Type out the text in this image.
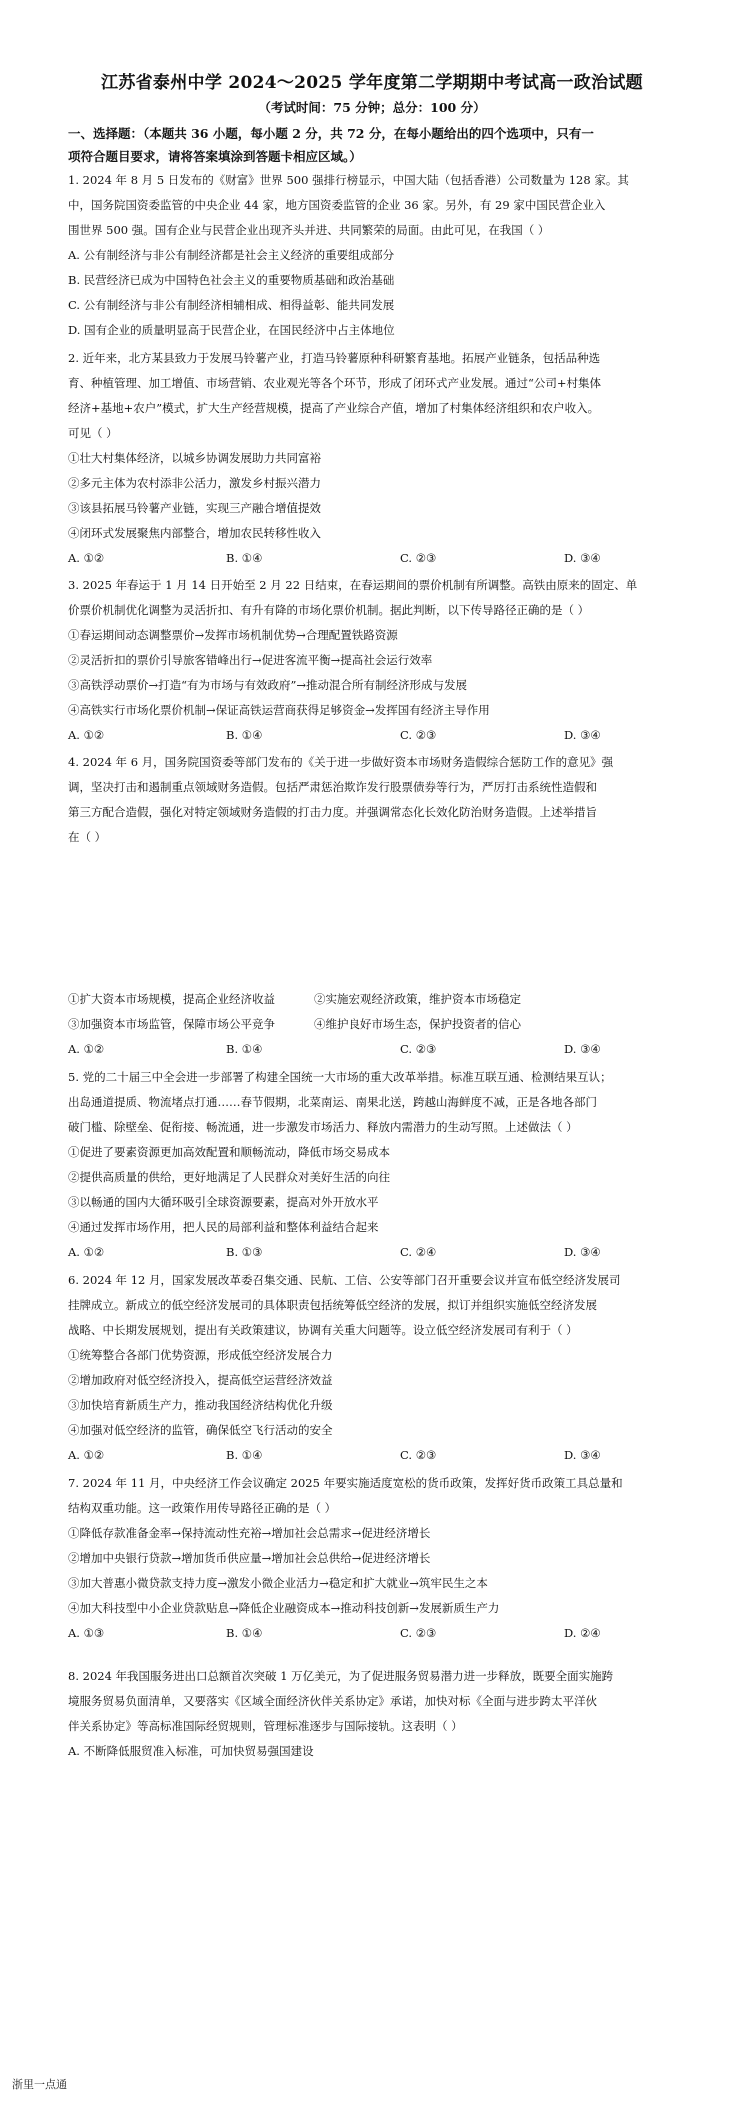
江苏省泰州中学 2024～2025 学年度第二学期期中考试高一政治试题
（考试时间：75 分钟；总分：100 分）
一、选择题：（本题共 36 小题，每小题 2 分，共 72 分，在每小题给出的四个选项中，只有一
项符合题目要求，请将答案填涂到答题卡相应区域。）
1. 2024 年 8 月 5 日发布的《财富》世界 500 强排行榜显示，中国大陆（包括香港）公司数量为 128 家。其
中，国务院国资委监管的中央企业 44 家，地方国资委监管的企业 36 家。另外，有 29 家中国民营企业入
围世界 500 强。国有企业与民营企业出现齐头并进、共同繁荣的局面。由此可见，在我国（ ）
A. 公有制经济与非公有制经济都是社会主义经济的重要组成部分
B. 民营经济已成为中国特色社会主义的重要物质基础和政治基础
C. 公有制经济与非公有制经济相辅相成、相得益彰、能共同发展
D. 国有企业的质量明显高于民营企业，在国民经济中占主体地位
2. 近年来，北方某县致力于发展马铃薯产业，打造马铃薯原种科研繁育基地。拓展产业链条，包括品种选
育、种植管理、加工增值、市场营销、农业观光等各个环节，形成了闭环式产业发展。通过“公司+村集体
经济+基地+农户”模式，扩大生产经营规模，提高了产业综合产值，增加了村集体经济组织和农户收入。
可见（ ）
①壮大村集体经济，以城乡协调发展助力共同富裕
②多元主体为农村添非公活力，激发乡村振兴潜力
③该县拓展马铃薯产业链，实现三产融合增值提效
④闭环式发展聚焦内部整合，增加农民转移性收入
A. ①②	B. ①④	C. ②③	D. ③④
3. 2025 年春运于 1 月 14 日开始至 2 月 22 日结束，在春运期间的票价机制有所调整。高铁由原来的固定、单
价票价机制优化调整为灵活折扣、有升有降的市场化票价机制。据此判断，以下传导路径正确的是（ ）
①春运期间动态调整票价→发挥市场机制优势→合理配置铁路资源
②灵活折扣的票价引导旅客错峰出行→促进客流平衡→提高社会运行效率
③高铁浮动票价→打造“有为市场与有效政府”→推动混合所有制经济形成与发展
④高铁实行市场化票价机制→保证高铁运营商获得足够资金→发挥国有经济主导作用
A. ①②	B. ①④	C. ②③	D. ③④
4. 2024 年 6 月，国务院国资委等部门发布的《关于进一步做好资本市场财务造假综合惩防工作的意见》强
调，坚决打击和遏制重点领域财务造假。包括严肃惩治欺诈发行股票债券等行为，严厉打击系统性造假和
第三方配合造假，强化对特定领域财务造假的打击力度。并强调常态化长效化防治财务造假。上述举措旨
在（ ）
①扩大资本市场规模，提高企业经济收益	②实施宏观经济政策，维护资本市场稳定
③加强资本市场监管，保障市场公平竞争	④维护良好市场生态，保护投资者的信心
A. ①②	B. ①④	C. ②③	D. ③④
5. 党的二十届三中全会进一步部署了构建全国统一大市场的重大改革举措。标准互联互通、检测结果互认；
出岛通道提质、物流堵点打通……春节假期，北菜南运、南果北送，跨越山海鲜度不减，正是各地各部门
破门槛、除壁垒、促衔接、畅流通，进一步激发市场活力、释放内需潜力的生动写照。上述做法（ ）
①促进了要素资源更加高效配置和顺畅流动，降低市场交易成本
②提供高质量的供给，更好地满足了人民群众对美好生活的向往
③以畅通的国内大循环吸引全球资源要素，提高对外开放水平
④通过发挥市场作用，把人民的局部利益和整体利益结合起来
A. ①②	B. ①③	C. ②④	D. ③④
6. 2024 年 12 月，国家发展改革委召集交通、民航、工信、公安等部门召开重要会议并宣布低空经济发展司
挂牌成立。新成立的低空经济发展司的具体职责包括统筹低空经济的发展，拟订并组织实施低空经济发展
战略、中长期发展规划，提出有关政策建议，协调有关重大问题等。设立低空经济发展司有利于（ ）
①统筹整合各部门优势资源，形成低空经济发展合力
②增加政府对低空经济投入，提高低空运营经济效益
③加快培育新质生产力，推动我国经济结构优化升级
④加强对低空经济的监管，确保低空飞行活动的安全
A. ①②	B. ①④	C. ②③	D. ③④
7. 2024 年 11 月，中央经济工作会议确定 2025 年要实施适度宽松的货币政策，发挥好货币政策工具总量和
结构双重功能。这一政策作用传导路径正确的是（ ）
①降低存款准备金率→保持流动性充裕→增加社会总需求→促进经济增长
②增加中央银行贷款→增加货币供应量→增加社会总供给→促进经济增长
③加大普惠小微贷款支持力度→激发小微企业活力→稳定和扩大就业→筑牢民生之本
④加大科技型中小企业贷款贴息→降低企业融资成本→推动科技创新→发展新质生产力
A. ①③	B. ①④	C. ②③	D. ②④
8. 2024 年我国服务进出口总额首次突破 1 万亿美元，为了促进服务贸易潜力进一步释放，既要全面实施跨
境服务贸易负面清单，又要落实《区域全面经济伙伴关系协定》承诺，加快对标《全面与进步跨太平洋伙
伴关系协定》等高标准国际经贸规则，管理标准逐步与国际接轨。这表明（ ）
A. 不断降低服贸准入标准，可加快贸易强国建设
浙里一点通
